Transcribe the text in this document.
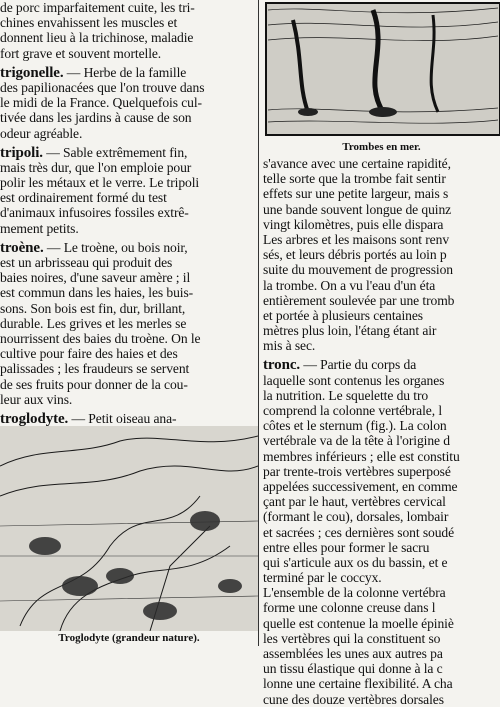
de porc imparfaitement cuite, les tri-
chines envahissent les muscles et
donnent lieu à la trichinose, maladie
fort grave et souvent mortelle.
trigonelle. — Herbe de la famille
des papilionacées que l'on trouve dans
le midi de la France. Quelquefois cul-
tivée dans les jardins à cause de son
odeur agréable.
tripoli. — Sable extrêmement fin,
mais très dur, que l'on emploie pour
polir les métaux et le verre. Le tripoli
est ordinairement formé du test
d'animaux infusoires fossiles extrê-
mement petits.
troène. — Le troène, ou bois noir,
est un arbrisseau qui produit des
baies noires, d'une saveur amère ; il
est commun dans les haies, les buis-
sons. Son bois est fin, dur, brillant,
durable. Les grives et les merles se
nourrissent des baies du troène. On le
cultive pour faire des haies et des
palissades ; les fraudeurs se servent
de ses fruits pour donner de la cou-
leur aux vins.
troglodyte. — Petit oiseau ana-
Troglodyte (grandeur nature).
Trombes en mer.
s'avance avec une certaine rapidité,
telle sorte que la trombe fait sentir
effets sur une petite largeur, mais s
une bande souvent longue de quinz
vingt kilomètres, puis elle dispara
Les arbres et les maisons sont renv
sés, et leurs débris portés au loin p
suite du mouvement de progression
la trombe. On a vu l'eau d'un éta
entièrement soulevée par une tromb
et portée à plusieurs centaines
mètres plus loin, l'étang étant air
mis à sec.
tronc. — Partie du corps da
laquelle sont contenus les organes
la nutrition. Le squelette du tro
comprend la colonne vertébrale, l
côtes et le sternum (fig.). La colon
vertébrale va de la tête à l'origine d
membres inférieurs ; elle est constitu
par trente-trois vertèbres superposé
appelées successivement, en comme
çant par le haut, vertèbres cervical
(formant le cou), dorsales, lombair
et sacrées ; ces dernières sont soudé
entre elles pour former le sacru
qui s'articule aux os du bassin, et e
terminé par le coccyx.
L'ensemble de la colonne vertébra
forme une colonne creuse dans l
quelle est contenue la moelle épiniè
les vertèbres qui la constituent so
assemblées les unes aux autres pa
un tissu élastique qui donne à la c
lonne une certaine flexibilité. A cha
cune des douze vertèbres dorsales
